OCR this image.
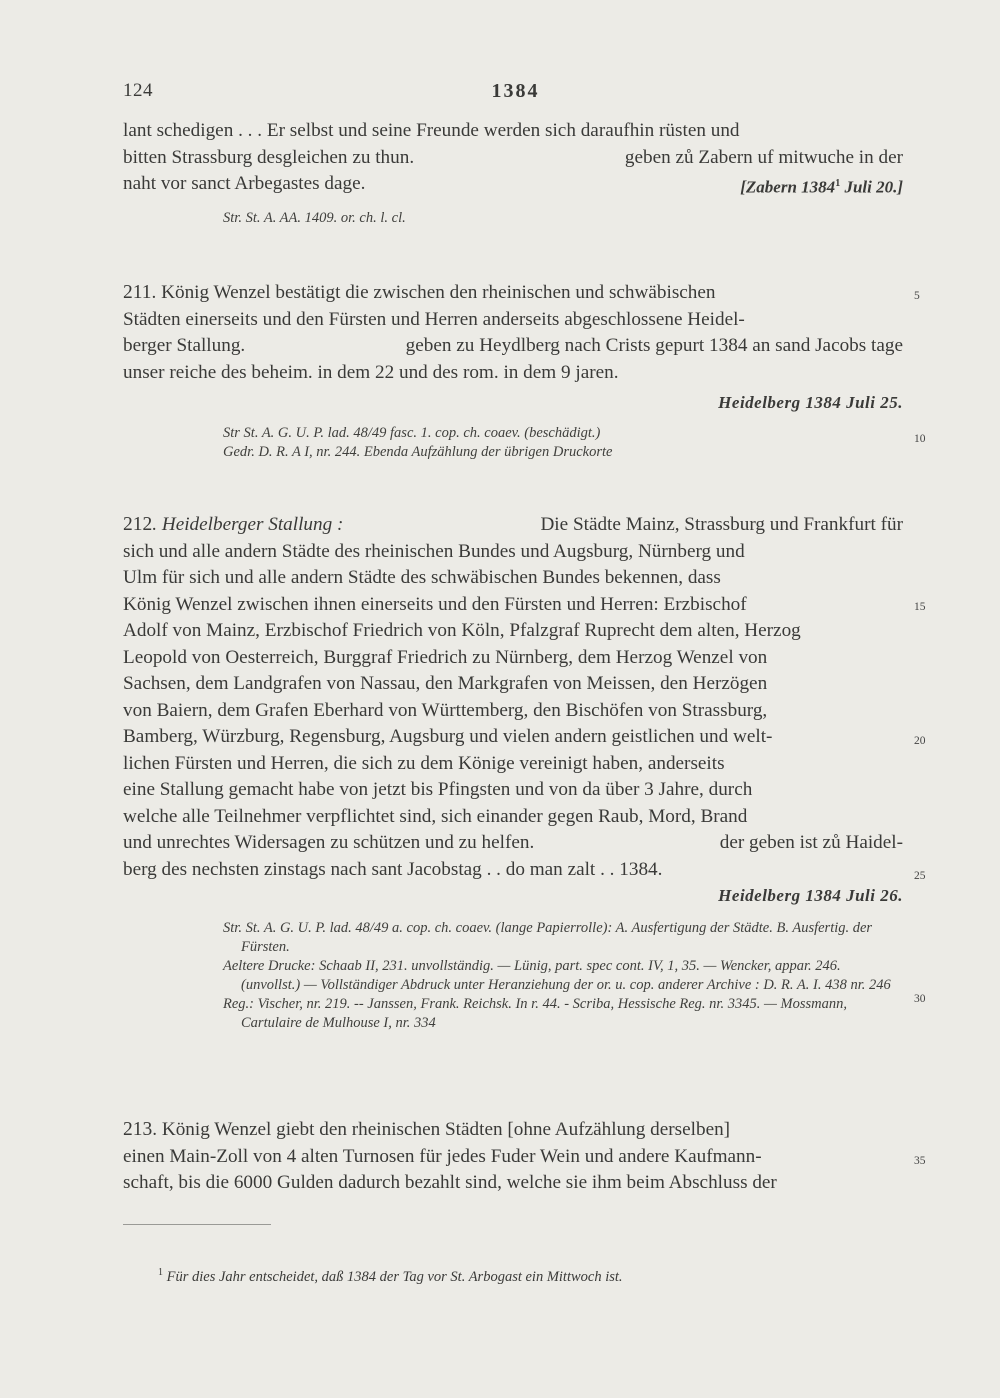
124	1384

lant schedigen . . . Er selbst und seine Freunde werden sich daraufhin rüsten und

bitten Strassburg desgleichen zu thun.	geben zů Zabern uf mitwuche in der

naht vor sanct Arbegastes dage.	[Zabern 1384$^1$ Juli 20.]

Str. St. A. AA. 1409. or. ch. l. cl.

211. König Wenzel bestätigt die zwischen den rheinischen und schwäbischen

Städten einerseits und den Fürsten und Herren anderseits abgeschlossene Heidel-

berger Stallung.	geben zu Heydlberg nach Crists gepurt 1384 an sand Jacobs tage

unser reiche des beheim. in dem 22 und des rom. in dem 9 jaren.

Heidelberg 1384 Juli 25.
Str St. A. G. U. P. lad. 48/49 fasc. 1. cop. ch. coaev. (beschädigt.)
Gedr. D. R. A I, nr. 244. Ebenda Aufzählung der übrigen Druckorte

212. Heidelberger Stallung :	Die Städte Mainz, Strassburg und Frankfurt für

sich und alle andern Städte des rheinischen Bundes und Augsburg, Nürnberg und

Ulm für sich und alle andern Städte des schwäbischen Bundes bekennen, dass

König Wenzel zwischen ihnen einerseits und den Fürsten und Herren: Erzbischof

Adolf von Mainz, Erzbischof Friedrich von Köln, Pfalzgraf Ruprecht dem alten, Herzog

Leopold von Oesterreich, Burggraf Friedrich zu Nürnberg, dem Herzog Wenzel von

Sachsen, dem Landgrafen von Nassau, den Markgrafen von Meissen, den Herzögen

von Baiern, dem Grafen Eberhard von Württemberg, den Bischöfen von Strassburg,

Bamberg, Würzburg, Regensburg, Augsburg und vielen andern geistlichen und welt-

lichen Fürsten und Herren, die sich zu dem Könige vereinigt haben, anderseits

eine Stallung gemacht habe von jetzt bis Pfingsten und von da über 3 Jahre, durch

welche alle Teilnehmer verpflichtet sind, sich einander gegen Raub, Mord, Brand

und unrechtes Widersagen zu schützen und zu helfen.	der geben ist zů Haidel-

berg des nechsten zinstags nach sant Jacobstag . . do man zalt . . 1384.

Heidelberg 1384 Juli 26.
Str. St. A. G. U. P. lad. 48/49 a. cop. ch. coaev. (lange Papierrolle): A. Ausfertigung der Städte. B. Ausfertig. der Fürsten.
Aeltere Drucke: Schaab II, 231. unvollständig. — Lünig, part. spec cont. IV, 1, 35. — Wencker, appar. 246. (unvollst.) — Vollständiger Abdruck unter Heranziehung der or. u. cop. anderer Archive : D. R. A. I. 438 nr. 246
Reg.: Vischer, nr. 219. -- Janssen, Frank. Reichsk. In r. 44. - Scriba, Hessische Reg. nr. 3345. — Mossmann, Cartulaire de Mulhouse I, nr. 334

213. König Wenzel giebt den rheinischen Städten [ohne Aufzählung derselben]

einen Main-Zoll von 4 alten Turnosen für jedes Fuder Wein und andere Kaufmann-

schaft, bis die 6000 Gulden dadurch bezahlt sind, welche sie ihm beim Abschluss der

5
10
15
20
25
30
35
$^1$ Für dies Jahr entscheidet, daß 1384 der Tag vor St. Arbogast ein Mittwoch ist.
